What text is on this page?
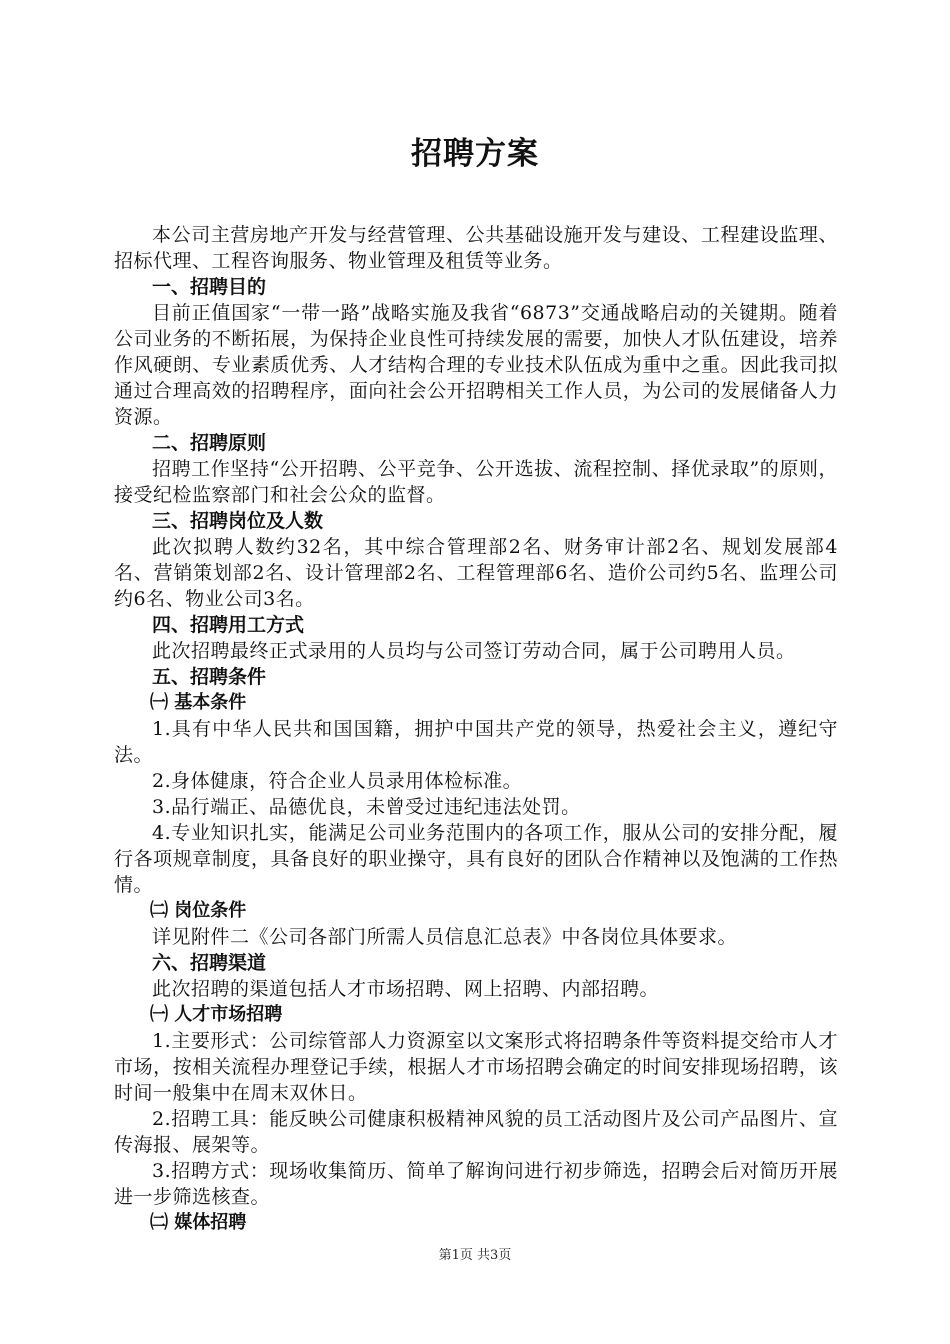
招聘方案

本公司主营房地产开发与经营管理、公共基础设施开发与建设、工程建设监理、招标代理、工程咨询服务、物业管理及租赁等业务。

一、招聘目的

目前正值国家“一带一路”战略实施及我省“6873”交通战略启动的关键期。随着公司业务的不断拓展，为保持企业良性可持续发展的需要，加快人才队伍建设，培养作风硬朗、专业素质优秀、人才结构合理的专业技术队伍成为重中之重。因此我司拟通过合理高效的招聘程序，面向社会公开招聘相关工作人员，为公司的发展储备人力资源。

二、招聘原则

招聘工作坚持“公开招聘、公平竞争、公开选拔、流程控制、择优录取”的原则，接受纪检监察部门和社会公众的监督。

三、招聘岗位及人数

此次拟聘人数约32名，其中综合管理部2名、财务审计部2名、规划发展部4名、营销策划部2名、设计管理部2名、工程管理部6名、造价公司约5名、监理公司约6名、物业公司3名。

四、招聘用工方式

此次招聘最终正式录用的人员均与公司签订劳动合同，属于公司聘用人员。

五、招聘条件
㈠ 基本条件

1.具有中华人民共和国国籍，拥护中国共产党的领导，热爱社会主义，遵纪守法。

2.身体健康，符合企业人员录用体检标准。

3.品行端正、品德优良，未曾受过违纪违法处罚。

4.专业知识扎实，能满足公司业务范围内的各项工作，服从公司的安排分配，履行各项规章制度，具备良好的职业操守，具有良好的团队合作精神以及饱满的工作热情。

㈡ 岗位条件

详见附件二《公司各部门所需人员信息汇总表》中各岗位具体要求。

六、招聘渠道

此次招聘的渠道包括人才市场招聘、网上招聘、内部招聘。

㈠ 人才市场招聘

1.主要形式：公司综管部人力资源室以文案形式将招聘条件等资料提交给市人才市场，按相关流程办理登记手续，根据人才市场招聘会确定的时间安排现场招聘，该时间一般集中在周末双休日。

2.招聘工具：能反映公司健康积极精神风貌的员工活动图片及公司产品图片、宣传海报、展架等。

3.招聘方式：现场收集简历、简单了解询问进行初步筛选，招聘会后对简历开展进一步筛选核查。

㈡ 媒体招聘
第1页 共3页
